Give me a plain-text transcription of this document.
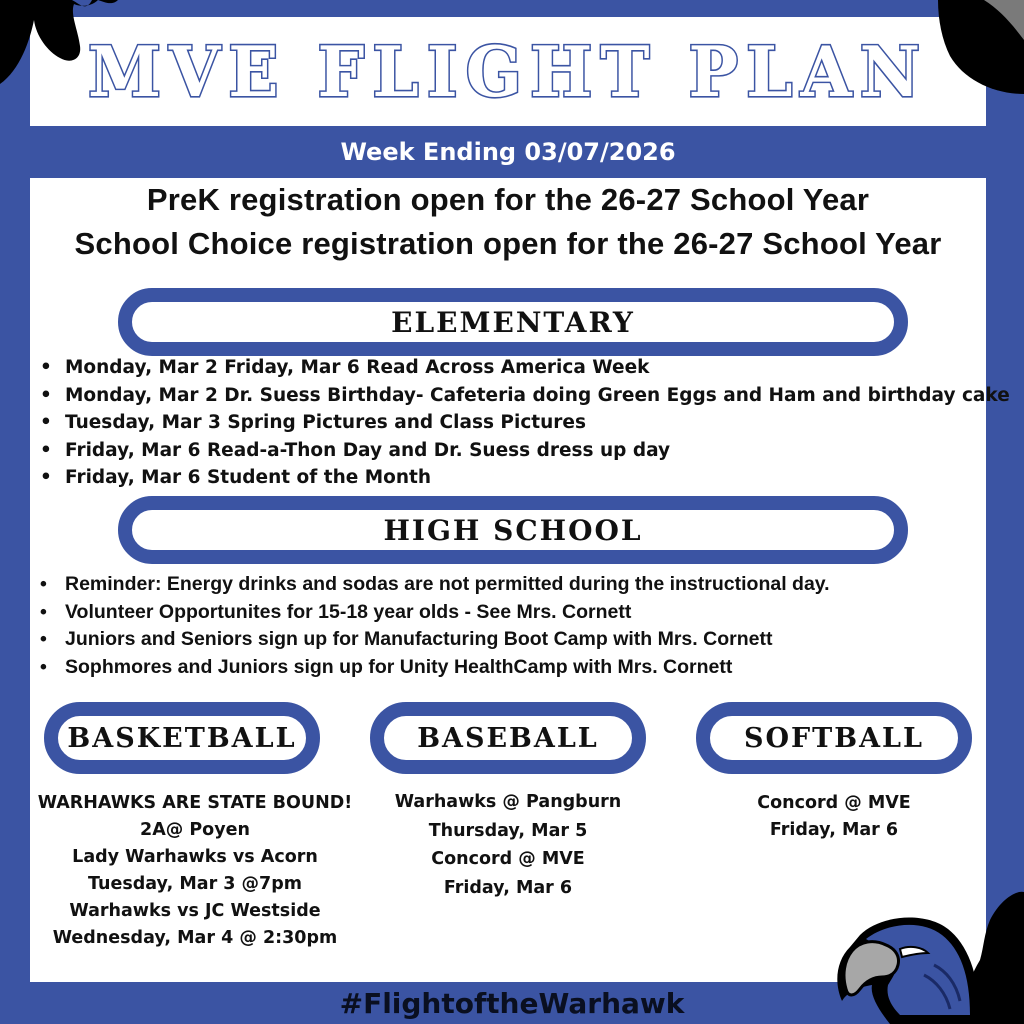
MVE FLIGHT PLAN
Week Ending 03/07/2026
PreK registration open for the 26-27 School Year
School Choice registration open for the 26-27 School Year
ELEMENTARY
• Monday, Mar 2 Friday, Mar 6 Read Across America Week
• Monday, Mar 2 Dr. Suess Birthday- Cafeteria doing Green Eggs and Ham and birthday cake
• Tuesday, Mar 3 Spring Pictures and Class Pictures
• Friday, Mar 6 Read-a-Thon Day and Dr. Suess dress up day
• Friday, Mar 6 Student of the Month
HIGH SCHOOL
• Reminder: Energy drinks and sodas are not permitted during the instructional day.
• Volunteer Opportunites for 15-18 year olds - See Mrs. Cornett
• Juniors and Seniors sign up for Manufacturing Boot Camp with Mrs. Cornett
• Sophmores and Juniors sign up for Unity HealthCamp with Mrs. Cornett
BASKETBALL
WARHAWKS ARE STATE BOUND!
2A@ Poyen
Lady Warhawks vs Acorn
Tuesday, Mar 3 @7pm
Warhawks vs JC Westside
Wednesday, Mar 4 @ 2:30pm
BASEBALL
Warhawks @ Pangburn
Thursday, Mar 5
Concord @ MVE
Friday, Mar 6
SOFTBALL
Concord @ MVE
Friday, Mar 6
#FlightoftheWarhawk
